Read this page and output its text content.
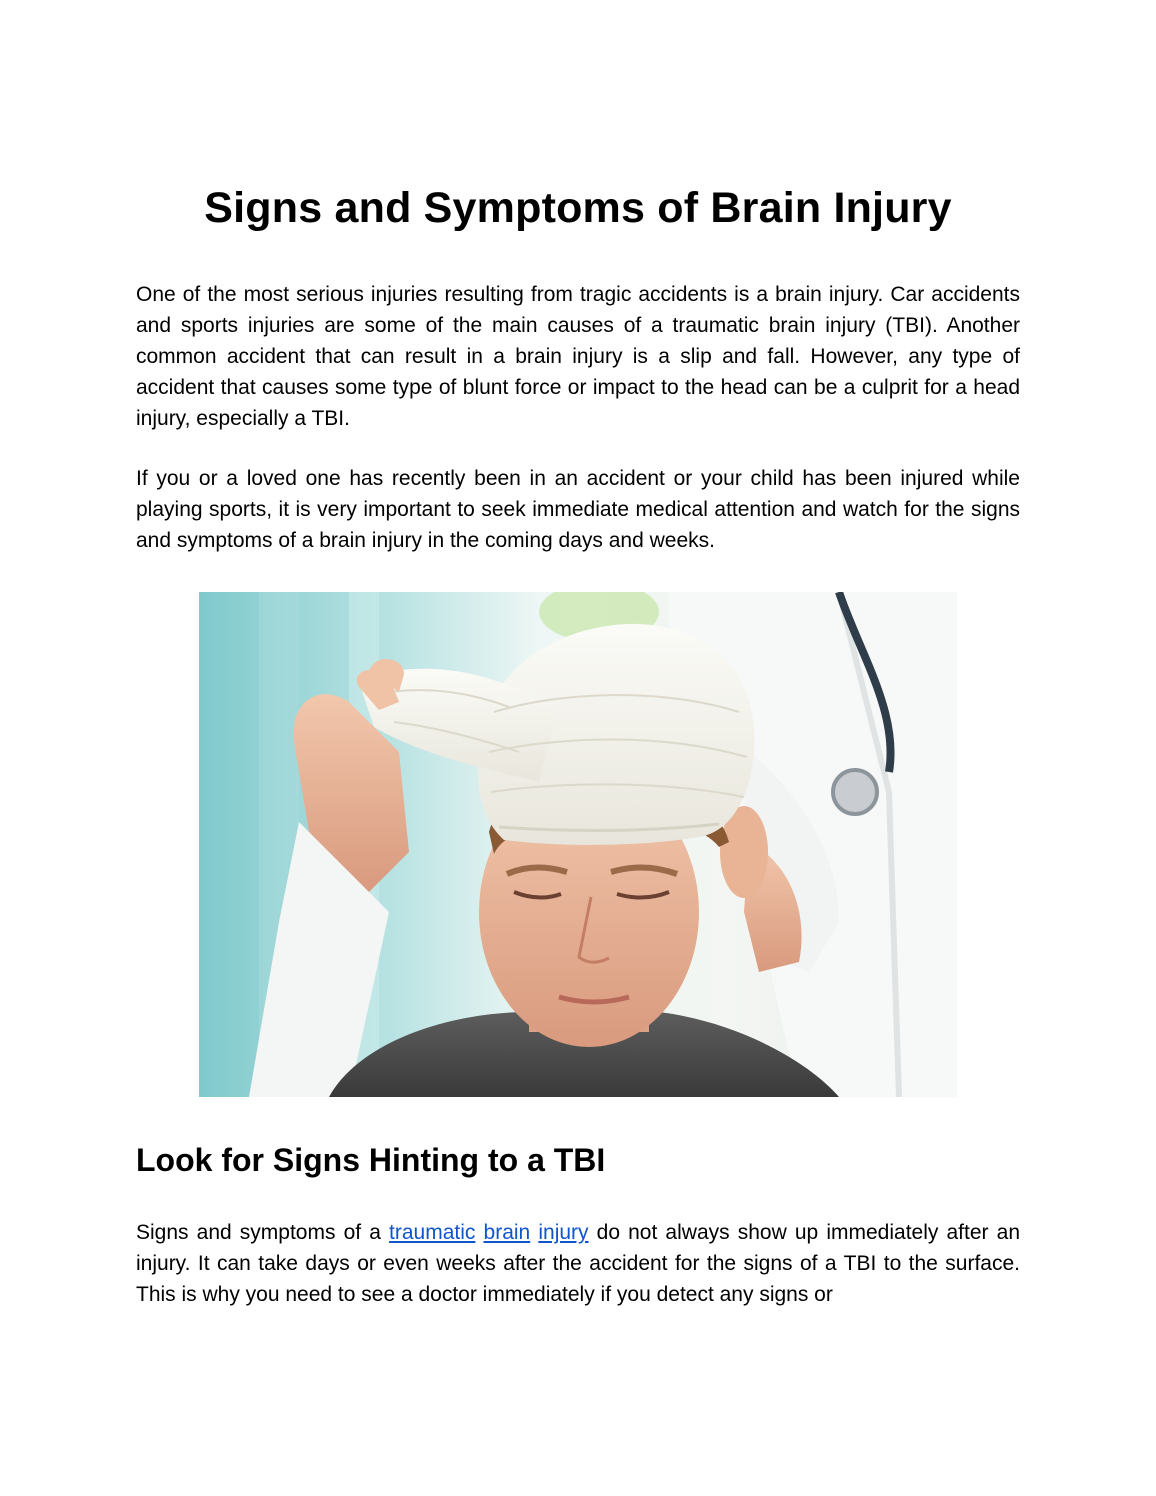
Signs and Symptoms of Brain Injury

One of the most serious injuries resulting from tragic accidents is a brain injury. Car accidents and sports injuries are some of the main causes of a traumatic brain injury (TBI). Another common accident that can result in a brain injury is a slip and fall. However, any type of accident that causes some type of blunt force or impact to the head can be a culprit for a head injury, especially a TBI.

If you or a loved one has recently been in an accident or your child has been injured while playing sports, it is very important to seek immediate medical attention and watch for the signs and symptoms of a brain injury in the coming days and weeks.

Look for Signs Hinting to a TBI

Signs and symptoms of a traumatic brain injury do not always show up immediately after an injury. It can take days or even weeks after the accident for the signs of a TBI to the surface. This is why you need to see a doctor immediately if you detect any signs or
